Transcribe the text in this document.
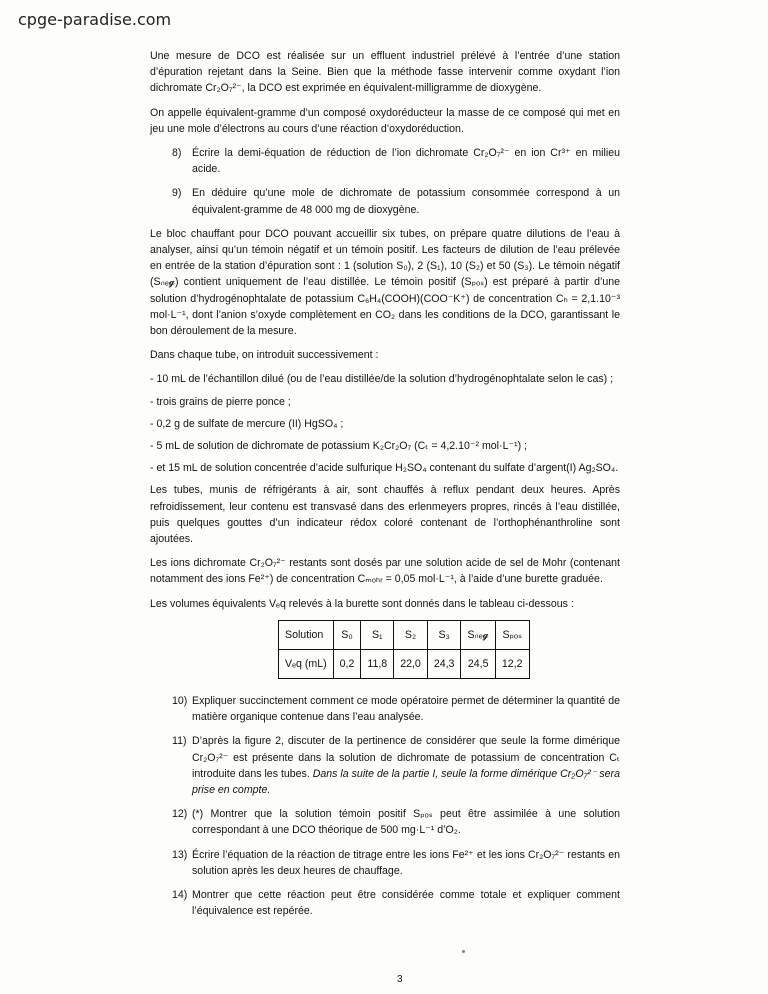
cpge-paradise.com

Une mesure de DCO est réalisée sur un effluent industriel prélevé à l’entrée d’une station d’épuration rejetant dans la Seine. Bien que la méthode fasse intervenir comme oxydant l’ion dichromate Cr₂O₇²⁻, la DCO est exprimée en équivalent-milligramme de dioxygène.

On appelle équivalent-gramme d’un composé oxydoréducteur la masse de ce composé qui met en jeu une mole d’électrons au cours d’une réaction d’oxydoréduction.

8) Écrire la demi-équation de réduction de l’ion dichromate Cr₂O₇²⁻ en ion Cr³⁺ en milieu acide.
9) En déduire qu’une mole de dichromate de potassium consommée correspond à un équivalent-gramme de 48 000 mg de dioxygène.

Le bloc chauffant pour DCO pouvant accueillir six tubes, on prépare quatre dilutions de l’eau à analyser, ainsi qu’un témoin négatif et un témoin positif. Les facteurs de dilution de l’eau prélevée en entrée de la station d’épuration sont : 1 (solution S₀), 2 (S₁), 10 (S₂) et 50 (S₃). Le témoin négatif (Sₙₑ𝓰) contient uniquement de l’eau distillée. Le témoin positif (Sₚₒₛ) est préparé à partir d’une solution d’hydrogénophtalate de potassium C₆H₄(COOH)(COO⁻K⁺) de concentration Cₕ = 2,1.10⁻³ mol·L⁻¹, dont l’anion s’oxyde complètement en CO₂ dans les conditions de la DCO, garantissant le bon déroulement de la mesure.

Dans chaque tube, on introduit successivement :

- 10 mL de l’échantillon dilué (ou de l’eau distillée/de la solution d’hydrogénophtalate selon le cas) ;
- trois grains de pierre ponce ;
- 0,2 g de sulfate de mercure (II) HgSO₄ ;
- 5 mL de solution de dichromate de potassium K₂Cr₂O₇ (Cₜ = 4,2.10⁻² mol·L⁻¹) ;
- et 15 mL de solution concentrée d’acide sulfurique H₂SO₄ contenant du sulfate d’argent(I) Ag₂SO₄.

Les tubes, munis de réfrigérants à air, sont chauffés à reflux pendant deux heures. Après refroidissement, leur contenu est transvasé dans des erlenmeyers propres, rincés à l’eau distillée, puis quelques gouttes d’un indicateur rédox coloré contenant de l’orthophénanthroline sont ajoutées.

Les ions dichromate Cr₂O₇²⁻ restants sont dosés par une solution acide de sel de Mohr (contenant notamment des ions Fe²⁺) de concentration Cₘₒₕᵣ = 0,05 mol·L⁻¹, à l’aide d’une burette graduée.

Les volumes équivalents Vₑq relevés à la burette sont donnés dans le tableau ci-dessous :

Solution	S₀	S₁	S₂	S₃	Sₙₑ𝓰	Sₚₒₛ
Vₑq (mL)	0,2	11,8	22,0	24,3	24,5	12,2
10) Expliquer succinctement comment ce mode opératoire permet de déterminer la quantité de matière organique contenue dans l’eau analysée.
11) D’après la figure 2, discuter de la pertinence de considérer que seule la forme dimérique Cr₂O₇²⁻ est présente dans la solution de dichromate de potassium de concentration Cₜ introduite dans les tubes. Dans la suite de la partie I, seule la forme dimérique Cr₂O₇²⁻ sera prise en compte.
12) (*) Montrer que la solution témoin positif Sₚₒₛ peut être assimilée à une solution correspondant à une DCO théorique de 500 mg·L⁻¹ d’O₂.
13) Écrire l’équation de la réaction de titrage entre les ions Fe²⁺ et les ions Cr₂O₇²⁻ restants en solution après les deux heures de chauffage.
14) Montrer que cette réaction peut être considérée comme totale et expliquer comment l’équivalence est repérée.
3
